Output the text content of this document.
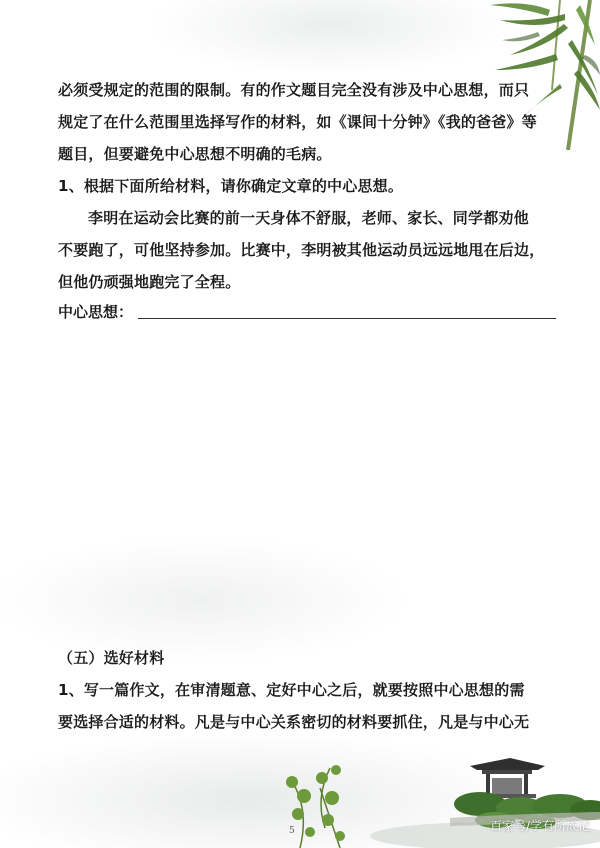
必须受规定的范围的限制。有的作文题目完全没有涉及中心思想，而只
规定了在什么范围里选择写作的材料，如《课间十分钟》《我的爸爸》等
题目，但要避免中心思想不明确的毛病。
1、根据下面所给材料，请你确定文章的中心思想。
李明在运动会比赛的前一天身体不舒服，老师、家长、同学都劝他
不要跑了，可他坚持参加。比赛中，李明被其他运动员远远地甩在后边，
但他仍顽强地跑完了全程。
中心思想：
（五）选好材料
1、写一篇作文，在审清题意、定好中心之后，就要按照中心思想的需
要选择合适的材料。凡是与中心关系密切的材料要抓住，凡是与中心无
5	百家号/学有所成记
